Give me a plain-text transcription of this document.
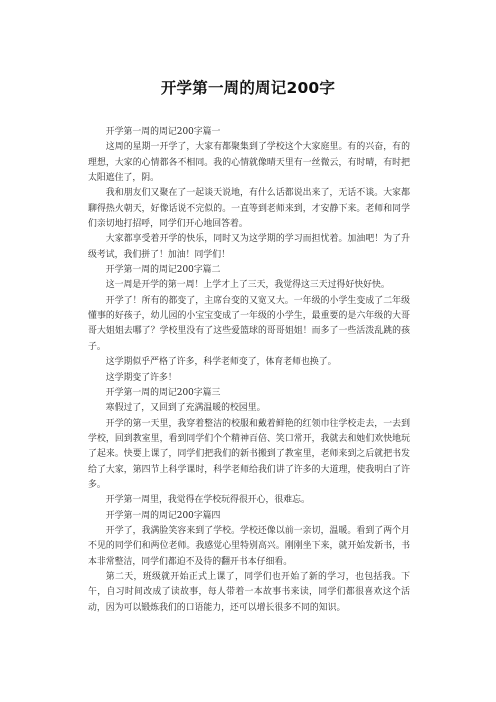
开学第一周的周记200字

开学第一周的周记200字篇一

这周的星期一开学了，大家有都聚集到了学校这个大家庭里。有的兴奋，有的理想，大家的心情都各不相同。我的心情就像晴天里有一丝微云，有时晴，有时把太阳遮住了，阴。

我和朋友们又聚在了一起谈天说地，有什么话都说出来了，无话不谈。大家都聊得热火朝天，好像话说不完似的。一直等到老师来到，才安静下来。老师和同学们亲切地打招呼，同学们开心地回答着。

大家都享受着开学的快乐，同时又为这学期的学习而担忧着。加油吧！为了升级考试，我们拼了！加油！同学们！

开学第一周的周记200字篇二

这一周是开学的第一周！上学才上了三天，我觉得这三天过得好快好快。

开学了！所有的都变了，主席台变的又宽又大。一年级的小学生变成了二年级懂事的好孩子，幼儿园的小宝宝变成了一年级的小学生，最重要的是六年级的大哥哥大姐姐去哪了？学校里没有了这些爱篮球的哥哥姐姐！而多了一些活泼乱跳的孩子。

这学期似乎严格了许多，科学老师变了，体育老师也换了。

这学期变了许多！

开学第一周的周记200字篇三

寒假过了，又回到了充满温暖的校园里。

开学的第一天里，我穿着整洁的校服和戴着鲜艳的红领巾往学校走去，一去到学校，回到教室里，看到同学们个个精神百倍、笑口常开，我就去和她们欢快地玩了起来。快要上课了，同学们把我们的新书搬到了教室里，老师来到之后就把书发给了大家，第四节上科学课时，科学老师给我们讲了许多的大道理，使我明白了许多。

开学第一周里，我觉得在学校玩得很开心，很难忘。

开学第一周的周记200字篇四

开学了，我满脸笑容来到了学校。学校还像以前一亲切，温暖。看到了两个月不见的同学们和两位老师。我感觉心里特别高兴。刚刚坐下来，就开始发新书，书本非常整洁，同学们都迫不及待的翻开书本仔细看。

第二天，班级就开始正式上课了，同学们也开始了新的学习，也包括我。下午，自习时间改成了读故事，每人带着一本故事书来读，同学们都很喜欢这个活动，因为可以锻炼我们的口语能力，还可以增长很多不同的知识。
